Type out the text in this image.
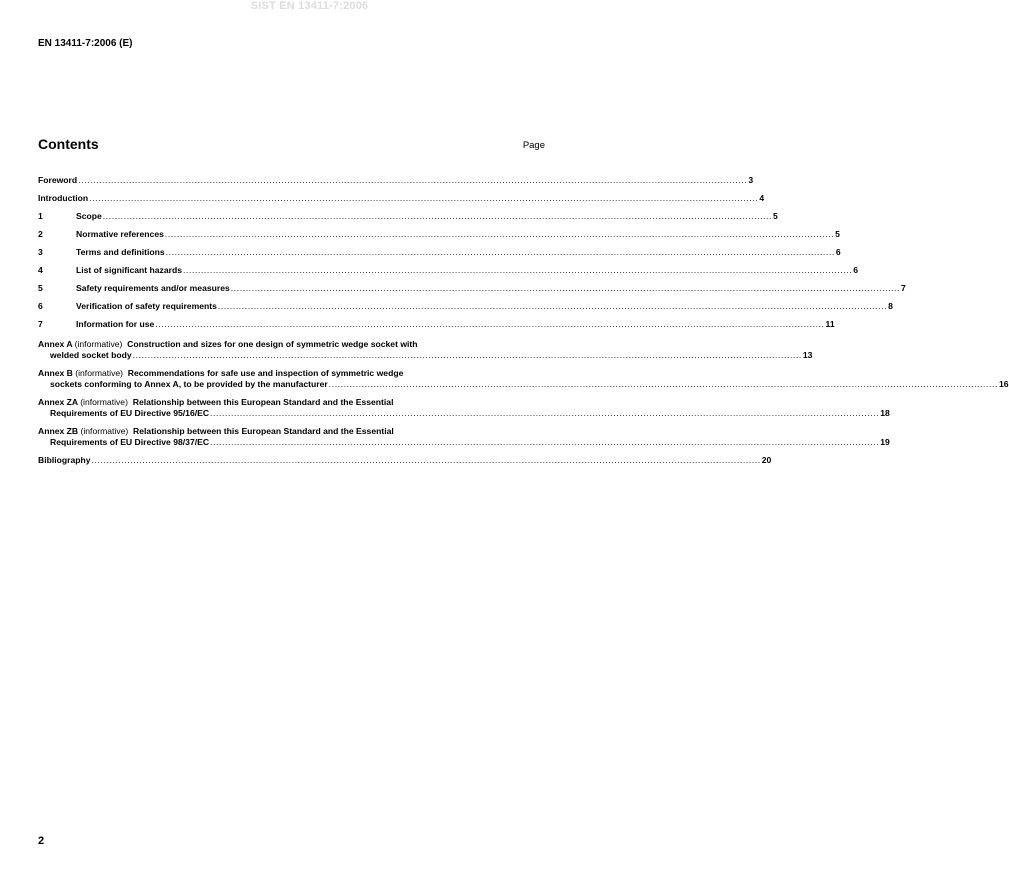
SIST EN 13411-7:2006
EN 13411-7:2006 (E)
Contents	Page
Foreword ................................................................................................................................................................................................................................ 3
Introduction ................................................................................................................................................................................................................................ 4
1	Scope ................................................................................................................................................................................................................................ 5
2	Normative references ................................................................................................................................................................................................................................ 5
3	Terms and definitions ................................................................................................................................................................................................................................ 6
4	List of significant hazards ................................................................................................................................................................................................................................ 6
5	Safety requirements and/or measures ................................................................................................................................................................................................................................ 7
6	Verification of safety requirements ................................................................................................................................................................................................................................ 8
7	Information for use ................................................................................................................................................................................................................................ 11
Annex A (informative) Construction and sizes for one design of symmetric wedge socket with
welded socket body ................................................................................................................................................................................................................................ 13
Annex B (informative) Recommendations for safe use and inspection of symmetric wedge
sockets conforming to Annex A, to be provided by the manufacturer ................................................................................................................................................................................................................................ 16
Annex ZA (informative) Relationship between this European Standard and the Essential
Requirements of EU Directive 95/16/EC ................................................................................................................................................................................................................................ 18
Annex ZB (informative) Relationship between this European Standard and the Essential
Requirements of EU Directive 98/37/EC ................................................................................................................................................................................................................................ 19
Bibliography ................................................................................................................................................................................................................................ 20
2
